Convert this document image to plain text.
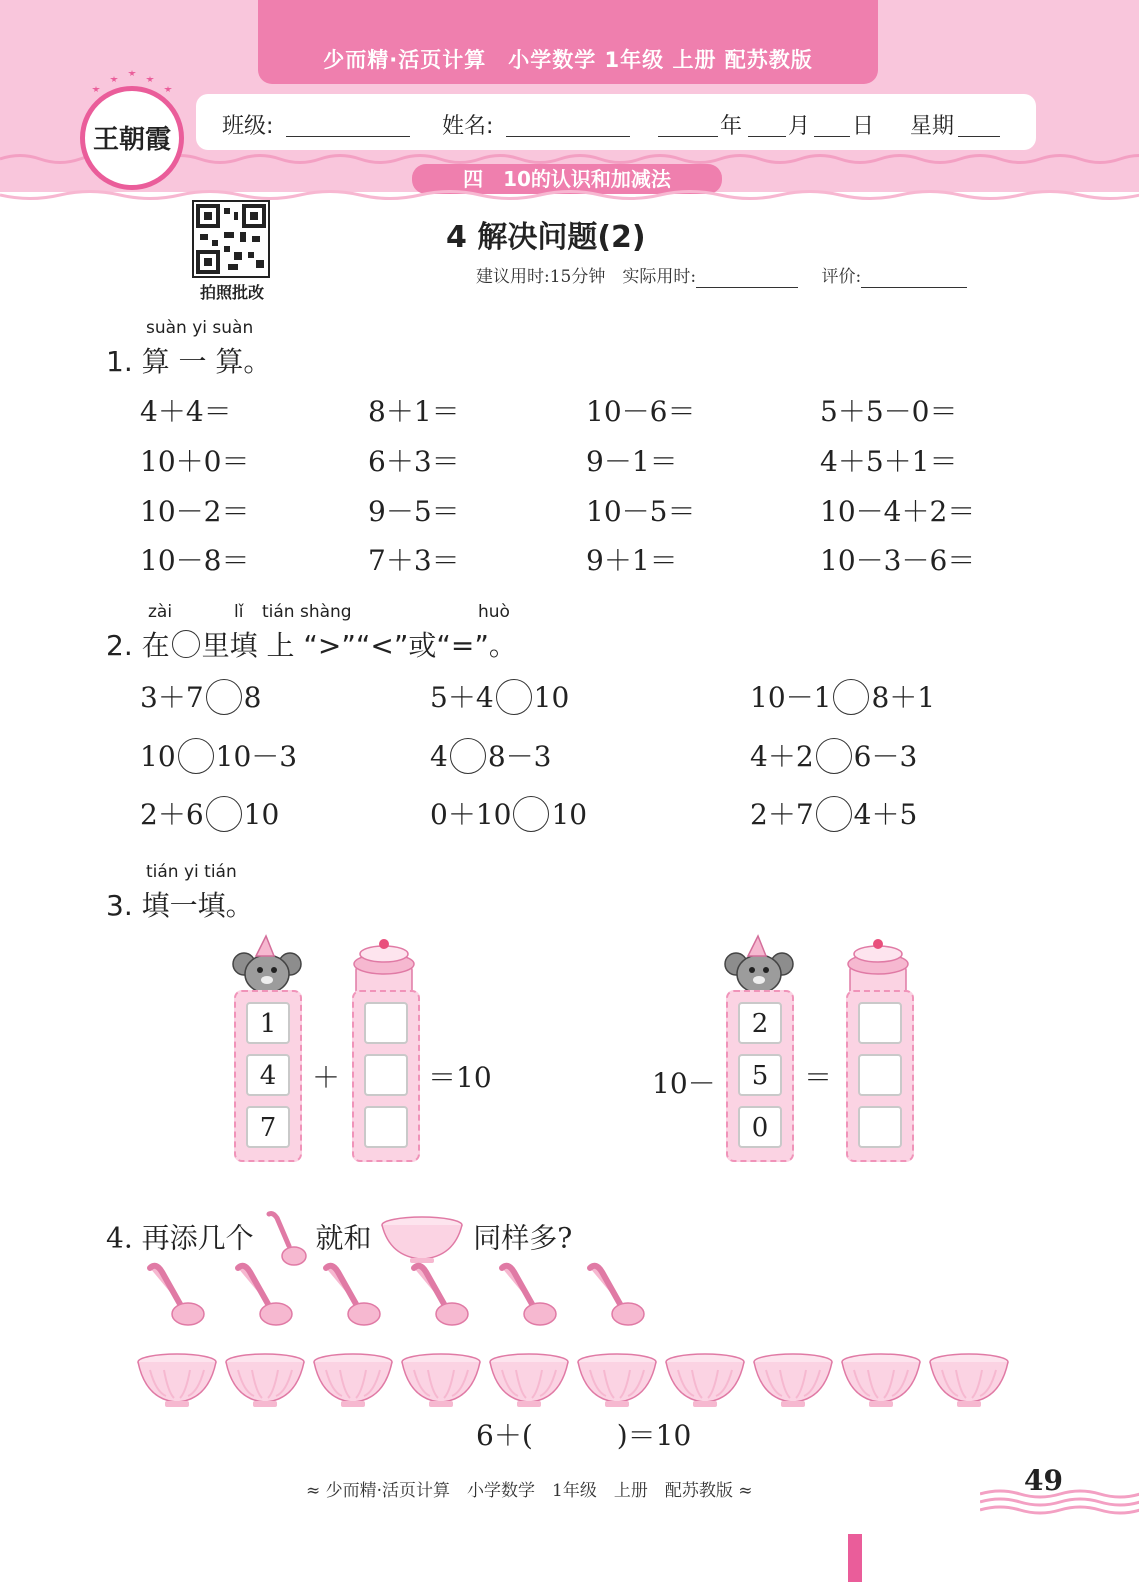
少而精·活页计算　小学数学 1年级 上册 配苏教版
班级:	姓名:	年 月 日 星期
四　10的认识和加减法
王朝霞
拍照批改
4 解决问题(2)
建议用时:15分钟　实际用时:	评价:
suàn yi suàn
1. 算 一 算。
4＋4＝	8＋1＝	10－6＝	5＋5－0＝
10＋0＝	6＋3＝	9－1＝	4＋5＋1＝
10－2＝	9－5＝	10－5＝	10－4＋2＝
10－8＝	7＋3＝	9＋1＝	10－3－6＝
zài	lǐ tián shàng	huò
2. 在 里填 上 “>”“<”或“=”。
3＋7 8	5＋4 10	10－1 8＋1
10 10－3	4 8－3	4＋2 6－3
2＋6 10	0＋10 10	2＋7 4＋5
tián yi tián
3. 填一填。
1
4
7
＋	＝10	10－
2
5
0
＝
4. 再添几个 就和	同样多?
6＋(	)＝10
≈ 少而精·活页计算　小学数学　1年级　上册　配苏教版 ≈	49
